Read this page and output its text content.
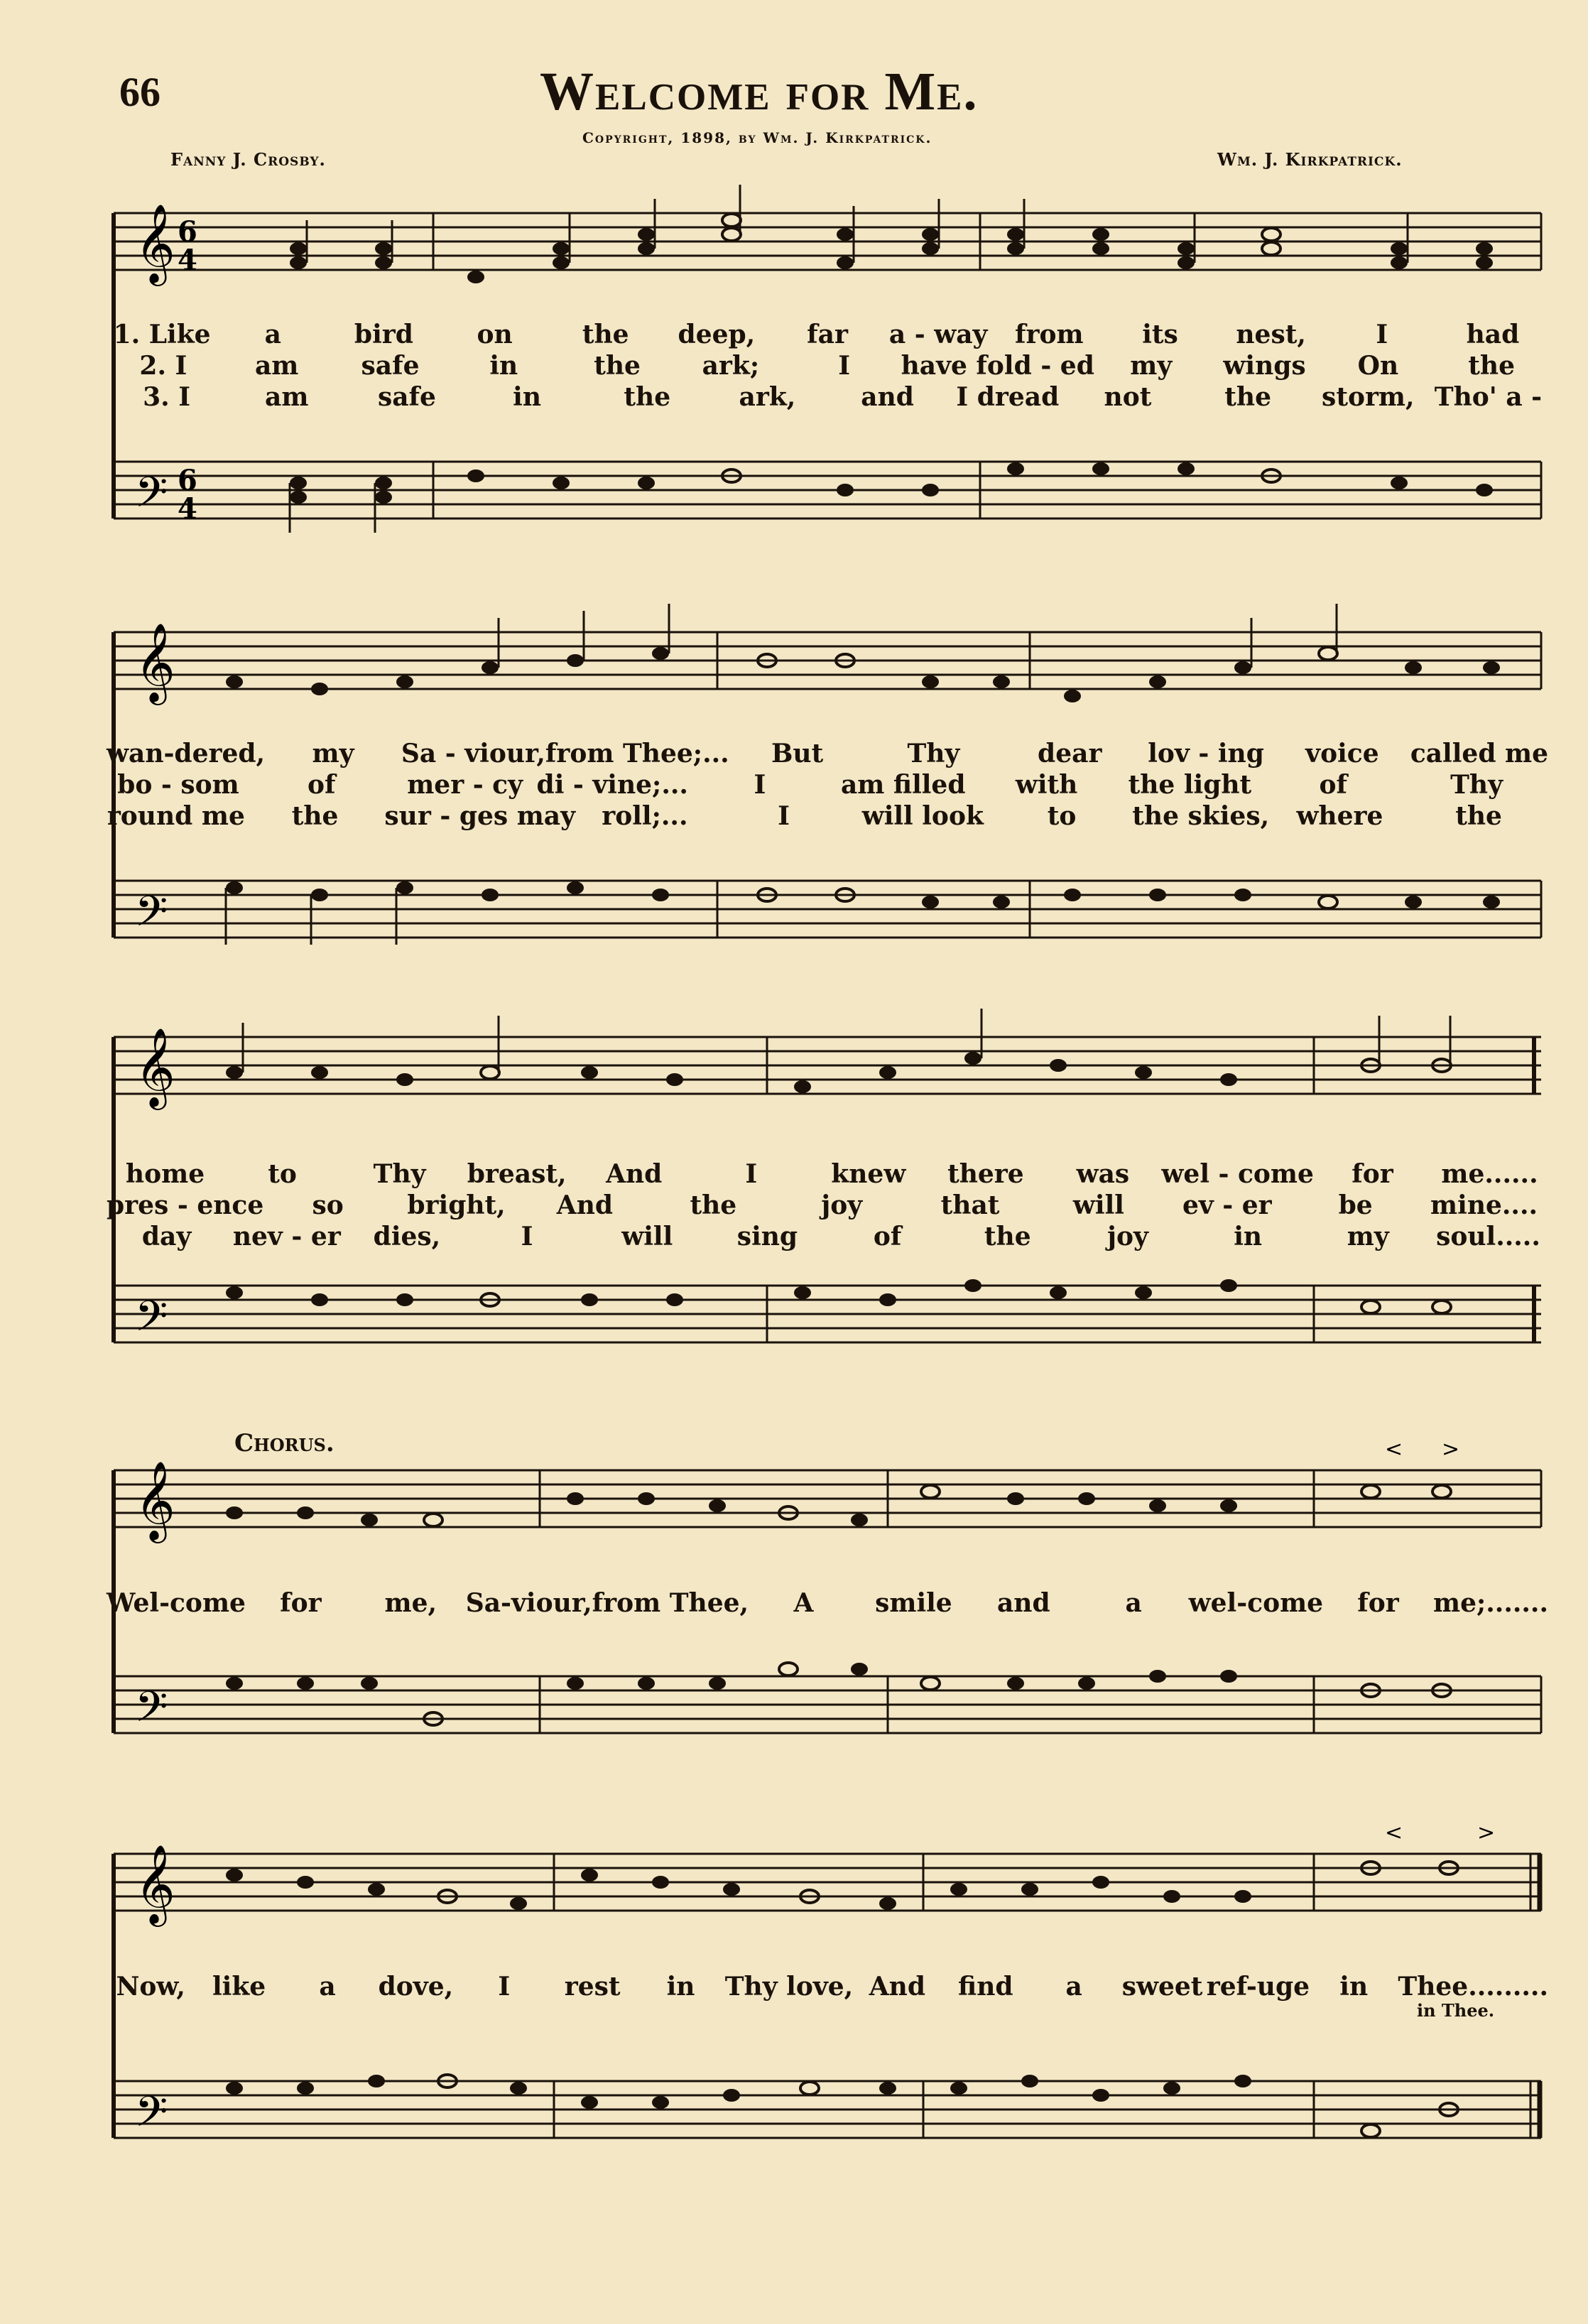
66	Welcome for Me.
Copyright, 1898, by Wm. J. Kirkpatrick.
Fanny J. Crosby.	Wm. J. Kirkpatrick.
𝄞
𝄢
6
4
6
4
1. Like	a	bird	on	the	deep,	far	a - way	from	its	nest,	I	had
2. I	am	safe	in	the	ark;	I	have fold - ed	my	wings	On	the
3. I	am	safe	in	the	ark,	and	I dread	not	the	storm, Tho' a -
𝄞
𝄢
wan-dered,	my	Sa - viour, from Thee;...	But	Thy	dear	lov - ing	voice	called me
bo - som	of	mer - cy di - vine;...	I	am filled	with	the light	of	Thy
round me	the	sur - ges may	roll;...	I	will look	to	the skies,	where	the
𝄞
𝄢
home	to	Thy	breast,	And	I	knew	there	was	wel - come	for	me......
pres - ence	so	bright,	And	the	joy	that	will	ev - er	be	mine....
day	nev - er	dies,	I	will	sing	of	the	joy	in	my	soul.....
Chorus.
𝄞
𝄢
< >
Wel-come	for	me,	Sa-viour, from Thee,	A	smile	and	a	wel-come	for	me;.......
𝄞
𝄢
<	>
Now,	like	a	dove,	I	rest	in	Thy love, And	find	a	sweet ref-uge	in	Thee.........
in Thee.
